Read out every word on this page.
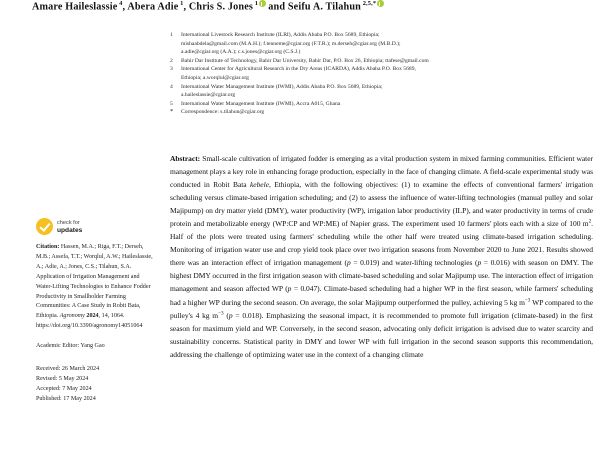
Amare Haileslassie $^4$, Abera Adie $^1$, Chris S. Jones $^1$ and Seifu A. Tilahun $^{2,5,*}$
1	International Livestock Research Institute (ILRI), Addis Ababa P.O. Box 5689, Ethiopia;
mishaabdela@gmail.com (M.A.H.); f.tenneme@cgiar.org (F.T.R.); m.derseh@cgiar.org (M.B.D.);
a.adie@cgiar.org (A.A.); c.s.jones@cgiar.org (C.S.J.)
2	Bahir Dar Institute of Technology, Bahir Dar University, Bahir Dar, P.O. Box 26, Ethiopia; ttafese@gmail.com
3	International Center for Agricultural Research in the Dry Areas (ICARDA), Addis Ababa P.O. Box 5689,
Ethiopia; a.worqlul@cgiar.org
4	International Water Management Institute (IWMI), Addis Ababa P.O. Box 5689, Ethiopia;
a.haileslassie@cgiar.org
5	International Water Management Institute (IWMI), Accra A015, Ghana
*	Correspondence: s.tilahun@cgiar.org
Abstract: Small-scale cultivation of irrigated fodder is emerging as a vital production system in mixed farming communities. Efficient water management plays a key role in enhancing forage production, especially in the face of changing climate. A field-scale experimental study was conducted in Robit Bata kebele, Ethiopia, with the following objectives: (1) to examine the effects of conventional farmers' irrigation scheduling versus climate-based irrigation scheduling; and (2) to assess the influence of water-lifting technologies (manual pulley and solar Majipump) on dry matter yield (DMY), water productivity (WP), irrigation labor productivity (ILP), and water productivity in terms of crude protein and metabolizable energy (WP:CP and WP:ME) of Napier grass. The experiment used 10 farmers' plots each with a size of 100 $m^2$. Half of the plots were treated using farmers' scheduling while the other half were treated using climate-based irrigation scheduling. Monitoring of irrigation water use and crop yield took place over two irrigation seasons from November 2020 to June 2021. Results showed there was an interaction effect of irrigation management (p = 0.019) and water-lifting technologies (p = 0.016) with season on DMY. The highest DMY occurred in the first irrigation season with climate-based scheduling and solar Majipump use. The interaction effect of irrigation management and season affected WP (p = 0.047). Climate-based scheduling had a higher WP in the first season, while farmers' scheduling had a higher WP during the second season. On average, the solar Majipump outperformed the pulley, achieving 5 kg $m^{-3}$ WP compared to the pulley's 4 kg $m^{-3}$ (p = 0.018). Emphasizing the seasonal impact, it is recommended to promote full irrigation (climate-based) in the first season for maximum yield and WP. Conversely, in the second season, advocating only deficit irrigation is advised due to water scarcity and sustainability concerns. Statistical parity in DMY and lower WP with full irrigation in the second season supports this recommendation, addressing the challenge of optimizing water use in the context of a changing climate
check for
updates
Citation: Hassen, M.A.; Riga, F.T.; Derseh, M.B.; Assefa, T.T.; Worqlul, A.W.; Haileslassie, A.; Adie, A.; Jones, C.S.; Tilahun, S.A. Application of Irrigation Management and Water-Lifting Technologies to Enhance Fodder Productivity in Smallholder Farming Communities: A Case Study in Robit Bata, Ethiopia. Agronomy 2024, 14, 1064. https://doi.org/10.3390/agronomy14051064
Academic Editor: Yang Gao
Received: 26 March 2024
Revised: 5 May 2024
Accepted: 7 May 2024
Published: 17 May 2024
